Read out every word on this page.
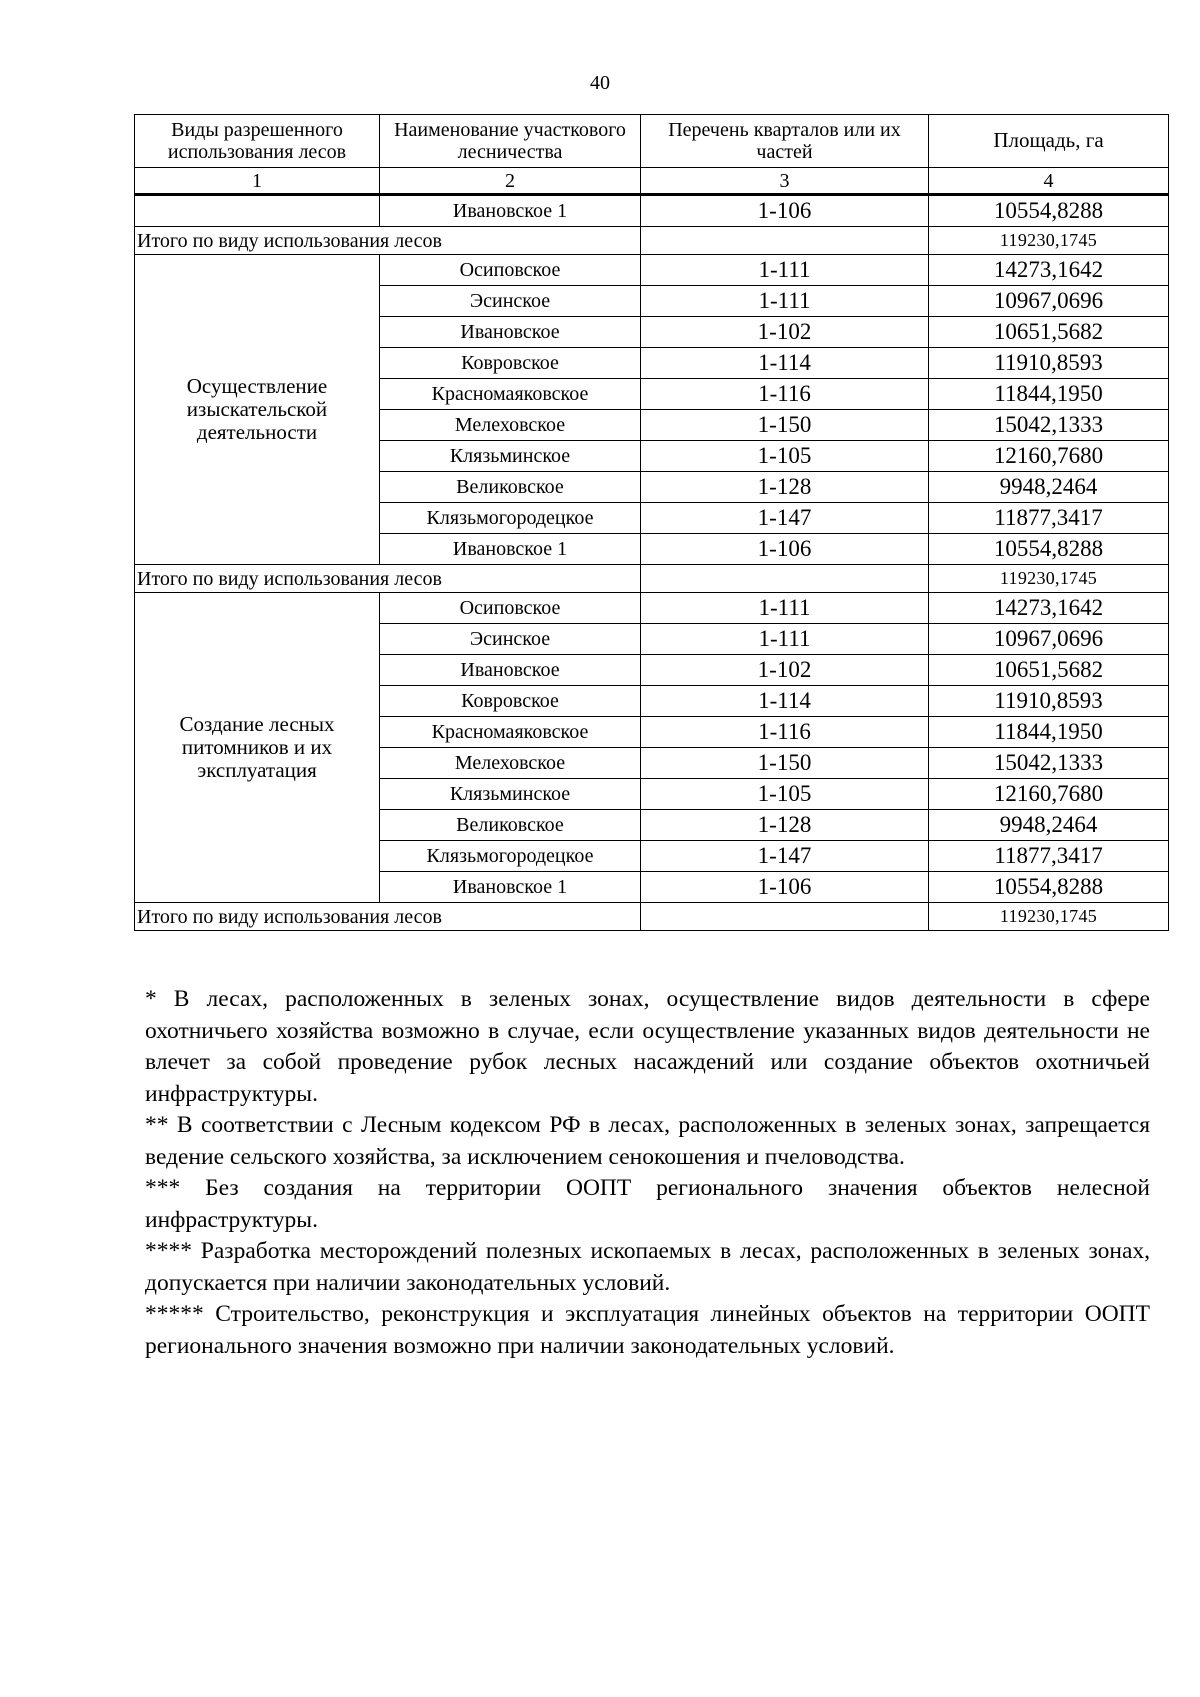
40
Виды разрешенного использования лесов	Наименование участкового лесничества	Перечень кварталов или их частей	Площадь, га
1	2	3	4
	Ивановское 1	1-106	10554,8288
Итого по виду использования лесов			119230,1745
Осуществление изыскательской деятельности	Осиповское	1-111	14273,1642
	Эсинское	1-111	10967,0696
	Ивановское	1-102	10651,5682
	Ковровское	1-114	11910,8593
	Красномаяковское	1-116	11844,1950
	Мелеховское	1-150	15042,1333
	Клязьминское	1-105	12160,7680
	Великовское	1-128	9948,2464
	Клязьмогородецкое	1-147	11877,3417
	Ивановское 1	1-106	10554,8288
Итого по виду использования лесов			119230,1745
Создание лесных питомников и их эксплуатация	Осиповское	1-111	14273,1642
	Эсинское	1-111	10967,0696
	Ивановское	1-102	10651,5682
	Ковровское	1-114	11910,8593
	Красномаяковское	1-116	11844,1950
	Мелеховское	1-150	15042,1333
	Клязьминское	1-105	12160,7680
	Великовское	1-128	9948,2464
	Клязьмогородецкое	1-147	11877,3417
	Ивановское 1	1-106	10554,8288
Итого по виду использования лесов			119230,1745

* В лесах, расположенных в зеленых зонах, осуществление видов деятельности в сфере охотничьего хозяйства возможно в случае, если осуществление указанных видов деятельности не влечет за собой проведение рубок лесных насаждений или создание объектов охотничьей инфраструктуры.

** В соответствии с Лесным кодексом РФ в лесах, расположенных в зеленых зонах, запрещается ведение сельского хозяйства, за исключением сенокошения и пчеловодства.

*** Без создания на территории ООПТ регионального значения объектов нелесной инфраструктуры.

**** Разработка месторождений полезных ископаемых в лесах, расположенных в зеленых зонах, допускается при наличии законодательных условий.

***** Строительство, реконструкция и эксплуатация линейных объектов на территории ООПТ регионального значения возможно при наличии законодательных условий.
